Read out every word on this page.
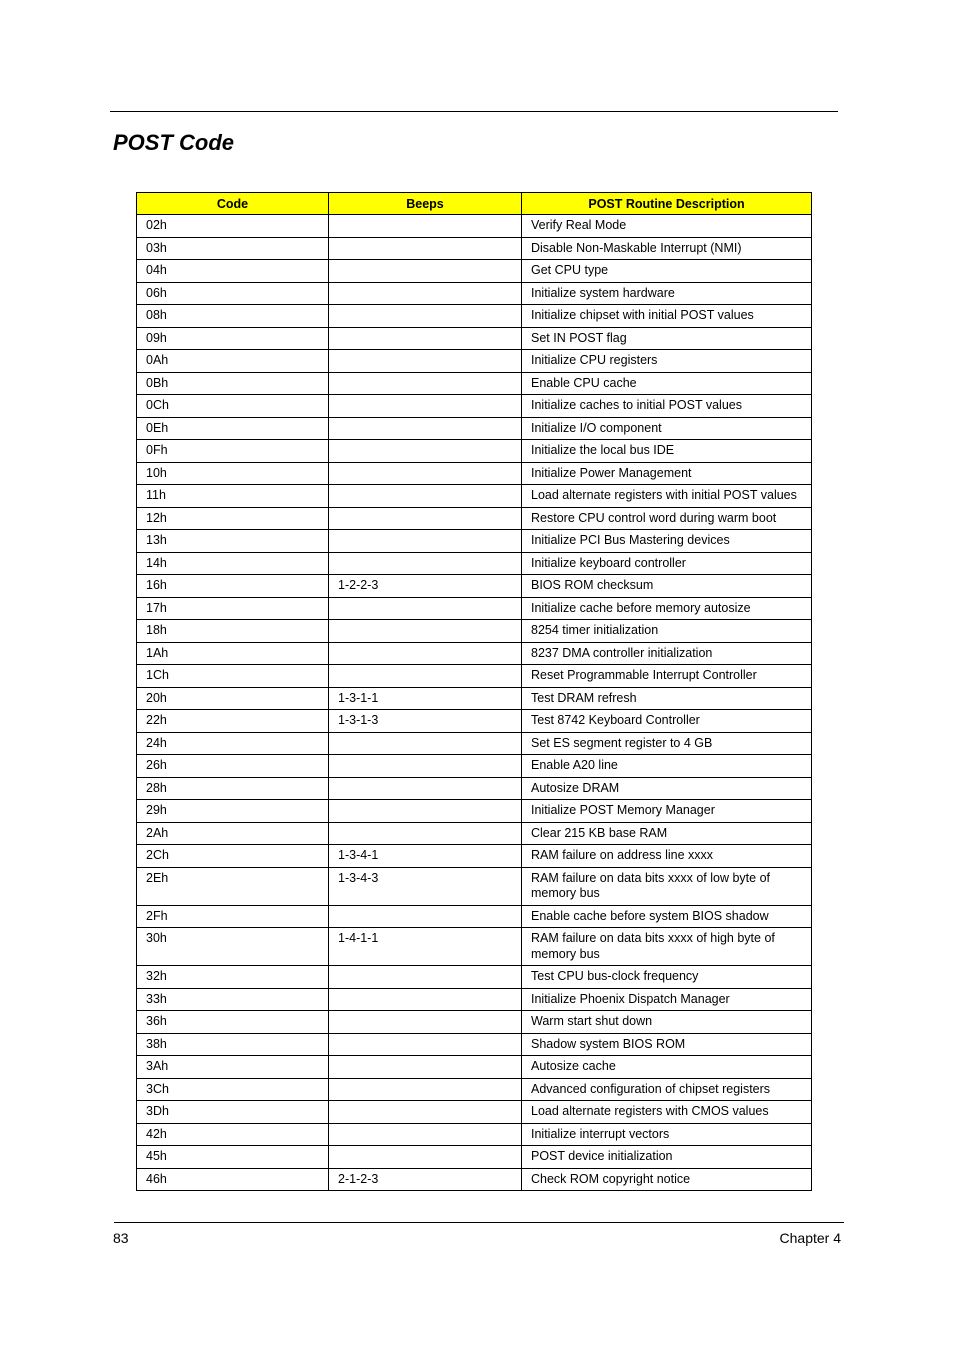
POST Code
Code	Beeps	POST Routine Description
02h		Verify Real Mode
03h		Disable Non-Maskable Interrupt (NMI)
04h		Get CPU type
06h		Initialize system hardware
08h		Initialize chipset with initial POST values
09h		Set IN POST flag
0Ah		Initialize CPU registers
0Bh		Enable CPU cache
0Ch		Initialize caches to initial POST values
0Eh		Initialize I/O component
0Fh		Initialize the local bus IDE
10h		Initialize Power Management
11h		Load alternate registers with initial POST values
12h		Restore CPU control word during warm boot
13h		Initialize PCI Bus Mastering devices
14h		Initialize keyboard controller
16h	1-2-2-3	BIOS ROM checksum
17h		Initialize cache before memory autosize
18h		8254 timer initialization
1Ah		8237 DMA controller initialization
1Ch		Reset Programmable Interrupt Controller
20h	1-3-1-1	Test DRAM refresh
22h	1-3-1-3	Test 8742 Keyboard Controller
24h		Set ES segment register to 4 GB
26h		Enable A20 line
28h		Autosize DRAM
29h		Initialize POST Memory Manager
2Ah		Clear 215 KB base RAM
2Ch	1-3-4-1	RAM failure on address line xxxx
2Eh	1-3-4-3	RAM failure on data bits xxxx of low byte of memory bus
2Fh		Enable cache before system BIOS shadow
30h	1-4-1-1	RAM failure on data bits xxxx of high byte of memory bus
32h		Test CPU bus-clock frequency
33h		Initialize Phoenix Dispatch Manager
36h		Warm start shut down
38h		Shadow system BIOS ROM
3Ah		Autosize cache
3Ch		Advanced configuration of chipset registers
3Dh		Load alternate registers with CMOS values
42h		Initialize interrupt vectors
45h		POST device initialization
46h	2-1-2-3	Check ROM copyright notice
83	Chapter 4
